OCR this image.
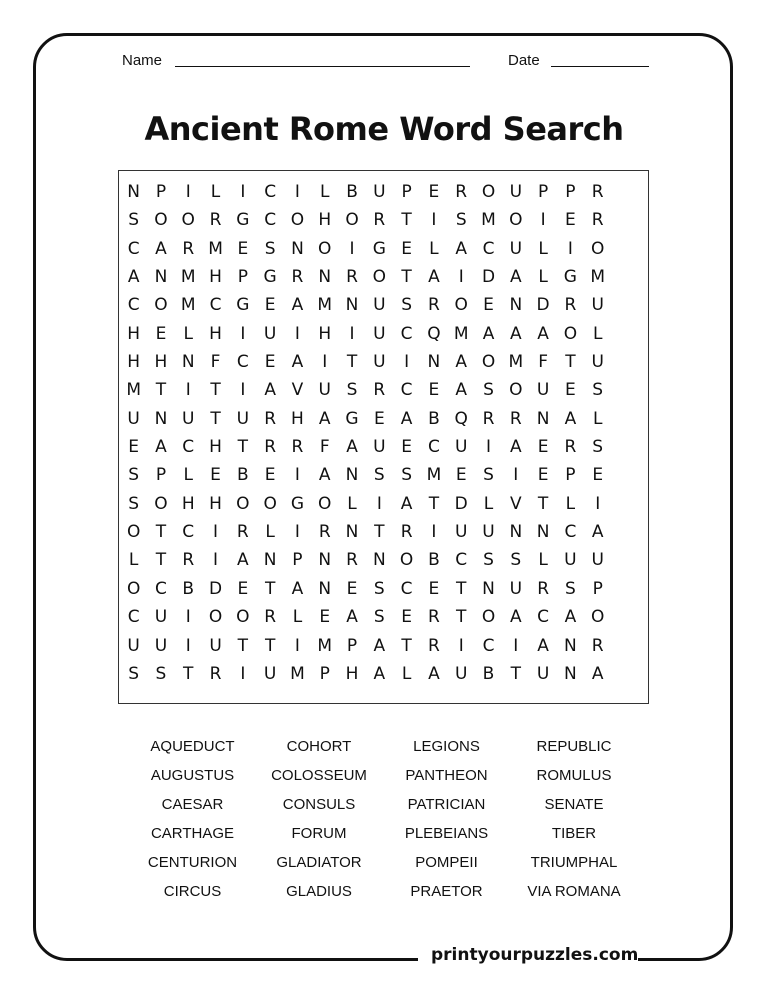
Name	Date
Ancient Rome Word Search
N P	I	L	I	C	I	L B U P E R O U P	P R
S O O R G C O H O R T	I	S M O	I	E R
C A R M E S N O	I	G E	L A C U L	I	O
A N M H P G R N R O T A	I	D A L G M
C O M C G E A M N U S R O E N D R U
H E	L H	I	U	I	H	I	U C Q M A A A O L
H H N F C E A	I	T U	I	N A O M F	T U
M T	I	T	I	A V U S R C E A S O U E S
U N U T U R H A G E A B Q R R N A L
E A C H T R R F A U E C U	I	A E R S
S P	L	E B E	I	A N S S M E S	I	E P E
S O H H O O G O L	I	A T D L V T	L	I
O T C	I	R L	I	R N T R	I	U U N N C A
L	T R	I	A N P N R N O B C S S	L U U
O C B D E T A N E S C E T N U R S P
C U	I	O O R L	E A S E R T O A C A O
U U	I	U T T	I	M P A T R	I	C	I	A N R
S S T R	I	U M P H A L A U B T U N A
AQUEDUCT	COHORT	LEGIONS	REPUBLIC
AUGUSTUS	COLOSSEUM	PANTHEON	ROMULUS
CAESAR	CONSULS	PATRICIAN	SENATE
CARTHAGE	FORUM	PLEBEIANS	TIBER
CENTURION	GLADIATOR	POMPEII	TRIUMPHAL
CIRCUS	GLADIUS	PRAETOR	VIA ROMANA
printyourpuzzles.com
